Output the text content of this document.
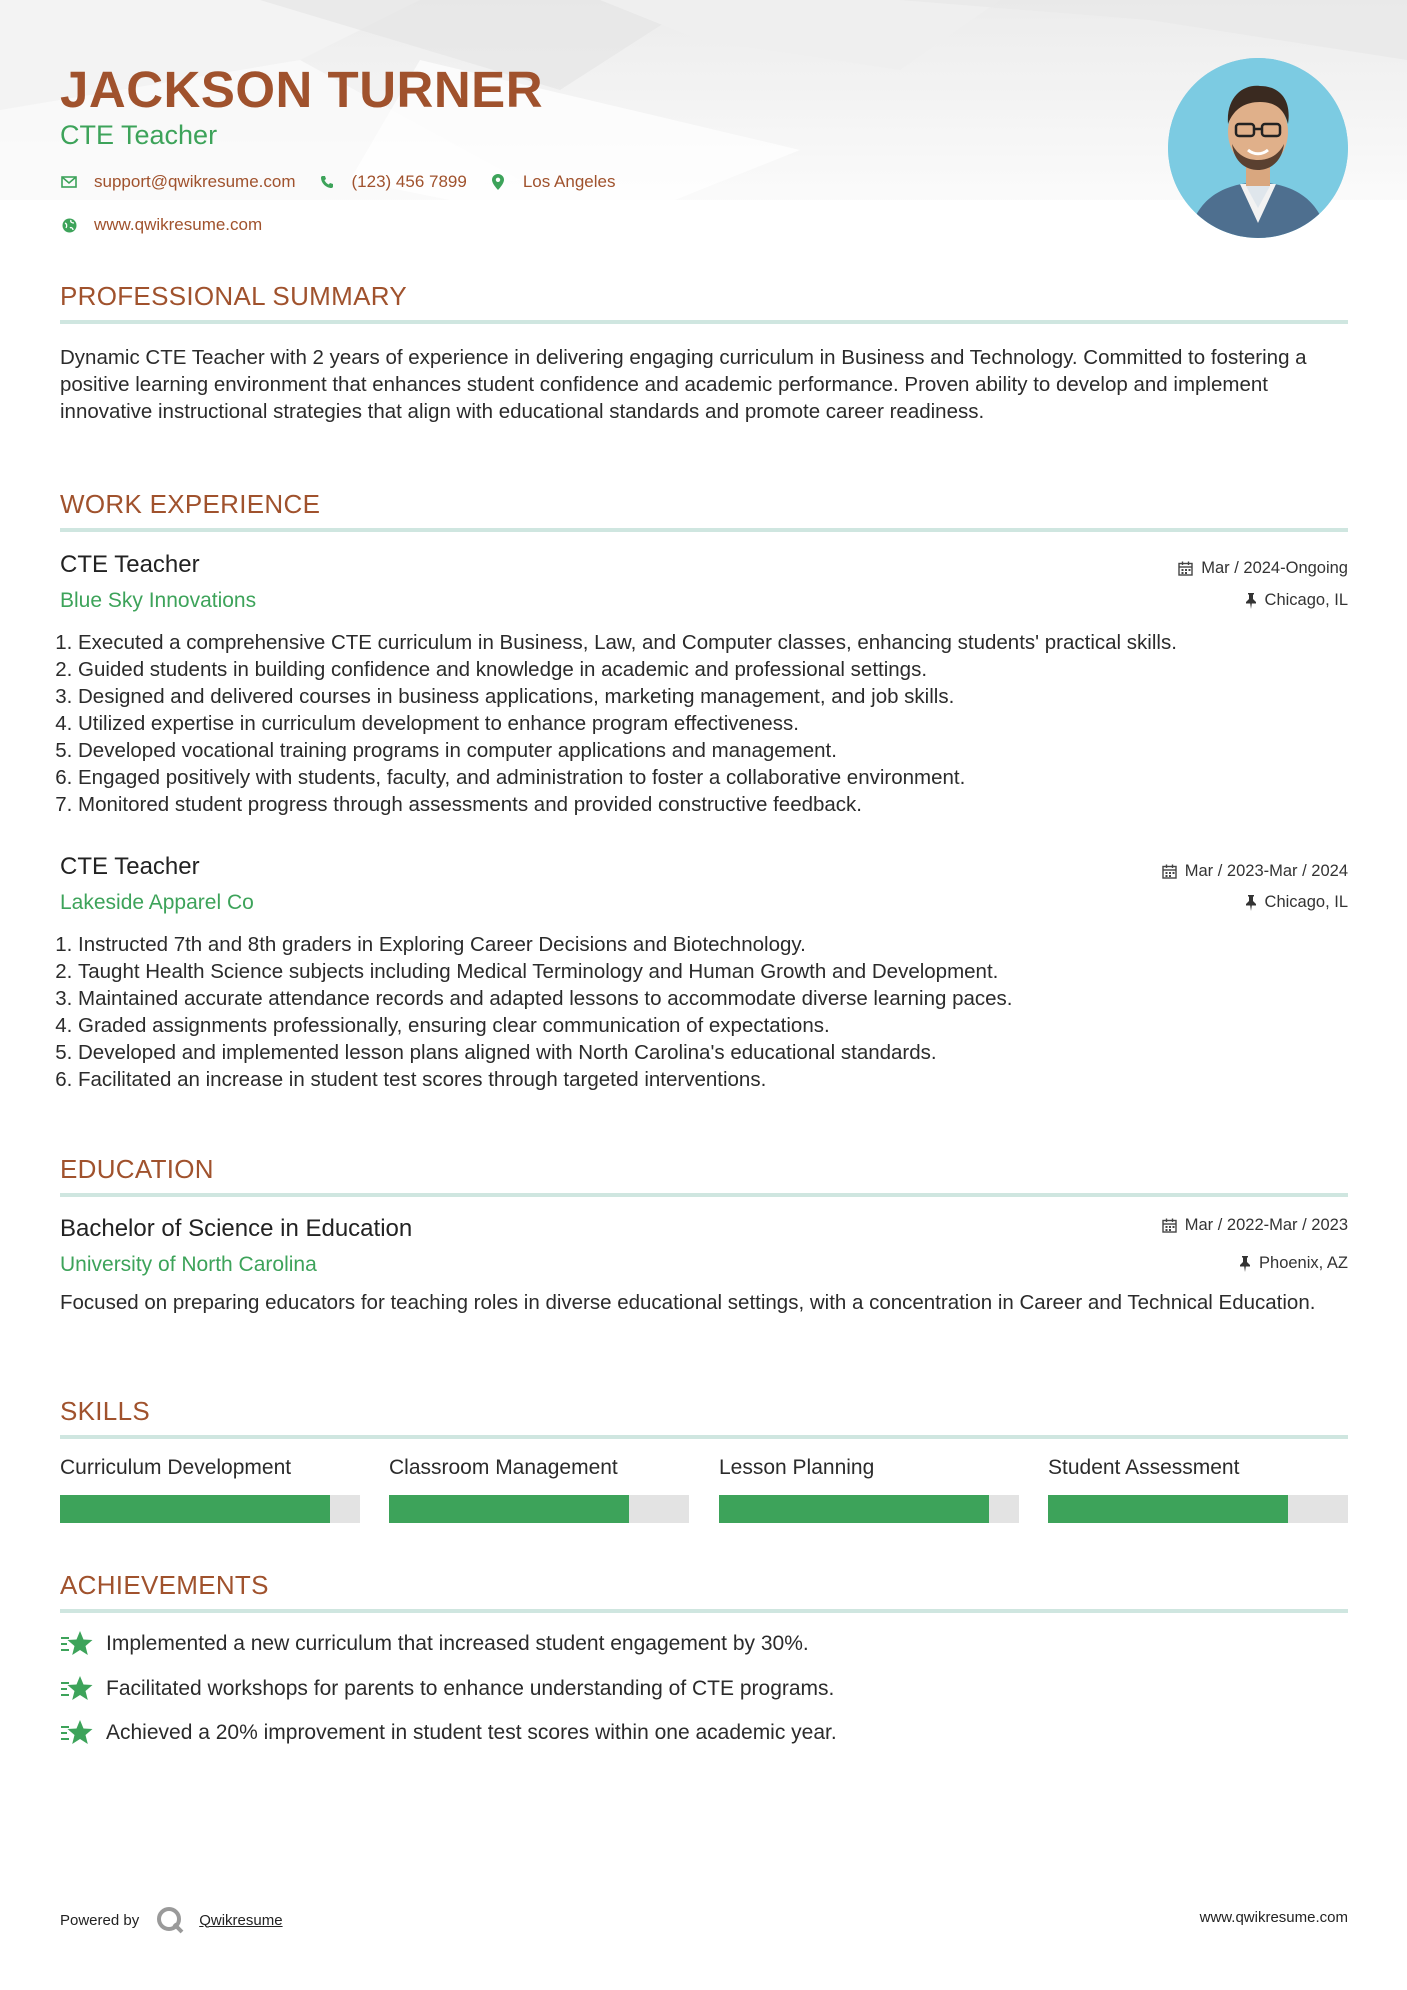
JACKSON TURNER
CTE Teacher
support@qwikresume.com	(123) 456 7899	Los Angeles
www.qwikresume.com
PROFESSIONAL SUMMARY
Dynamic CTE Teacher with 2 years of experience in delivering engaging curriculum in Business and Technology. Committed to fostering a positive learning environment that enhances student confidence and academic performance. Proven ability to develop and implement innovative instructional strategies that align with educational standards and promote career readiness.
WORK EXPERIENCE
CTE Teacher
Blue Sky Innovations
Mar / 2024-Ongoing
Chicago, IL
1. Executed a comprehensive CTE curriculum in Business, Law, and Computer classes, enhancing students' practical skills.
2. Guided students in building confidence and knowledge in academic and professional settings.
3. Designed and delivered courses in business applications, marketing management, and job skills.
4. Utilized expertise in curriculum development to enhance program effectiveness.
5. Developed vocational training programs in computer applications and management.
6. Engaged positively with students, faculty, and administration to foster a collaborative environment.
7. Monitored student progress through assessments and provided constructive feedback.
CTE Teacher
Lakeside Apparel Co
Mar / 2023-Mar / 2024
Chicago, IL
1. Instructed 7th and 8th graders in Exploring Career Decisions and Biotechnology.
2. Taught Health Science subjects including Medical Terminology and Human Growth and Development.
3. Maintained accurate attendance records and adapted lessons to accommodate diverse learning paces.
4. Graded assignments professionally, ensuring clear communication of expectations.
5. Developed and implemented lesson plans aligned with North Carolina's educational standards.
6. Facilitated an increase in student test scores through targeted interventions.
EDUCATION
Bachelor of Science in Education
University of North Carolina
Mar / 2022-Mar / 2023
Phoenix, AZ
Focused on preparing educators for teaching roles in diverse educational settings, with a concentration in Career and Technical Education.
SKILLS
Curriculum Development	Classroom Management	Lesson Planning	Student Assessment
ACHIEVEMENTS
Implemented a new curriculum that increased student engagement by 30%.
Facilitated workshops for parents to enhance understanding of CTE programs.
Achieved a 20% improvement in student test scores within one academic year.
Powered by	Qwikresume	www.qwikresume.com
